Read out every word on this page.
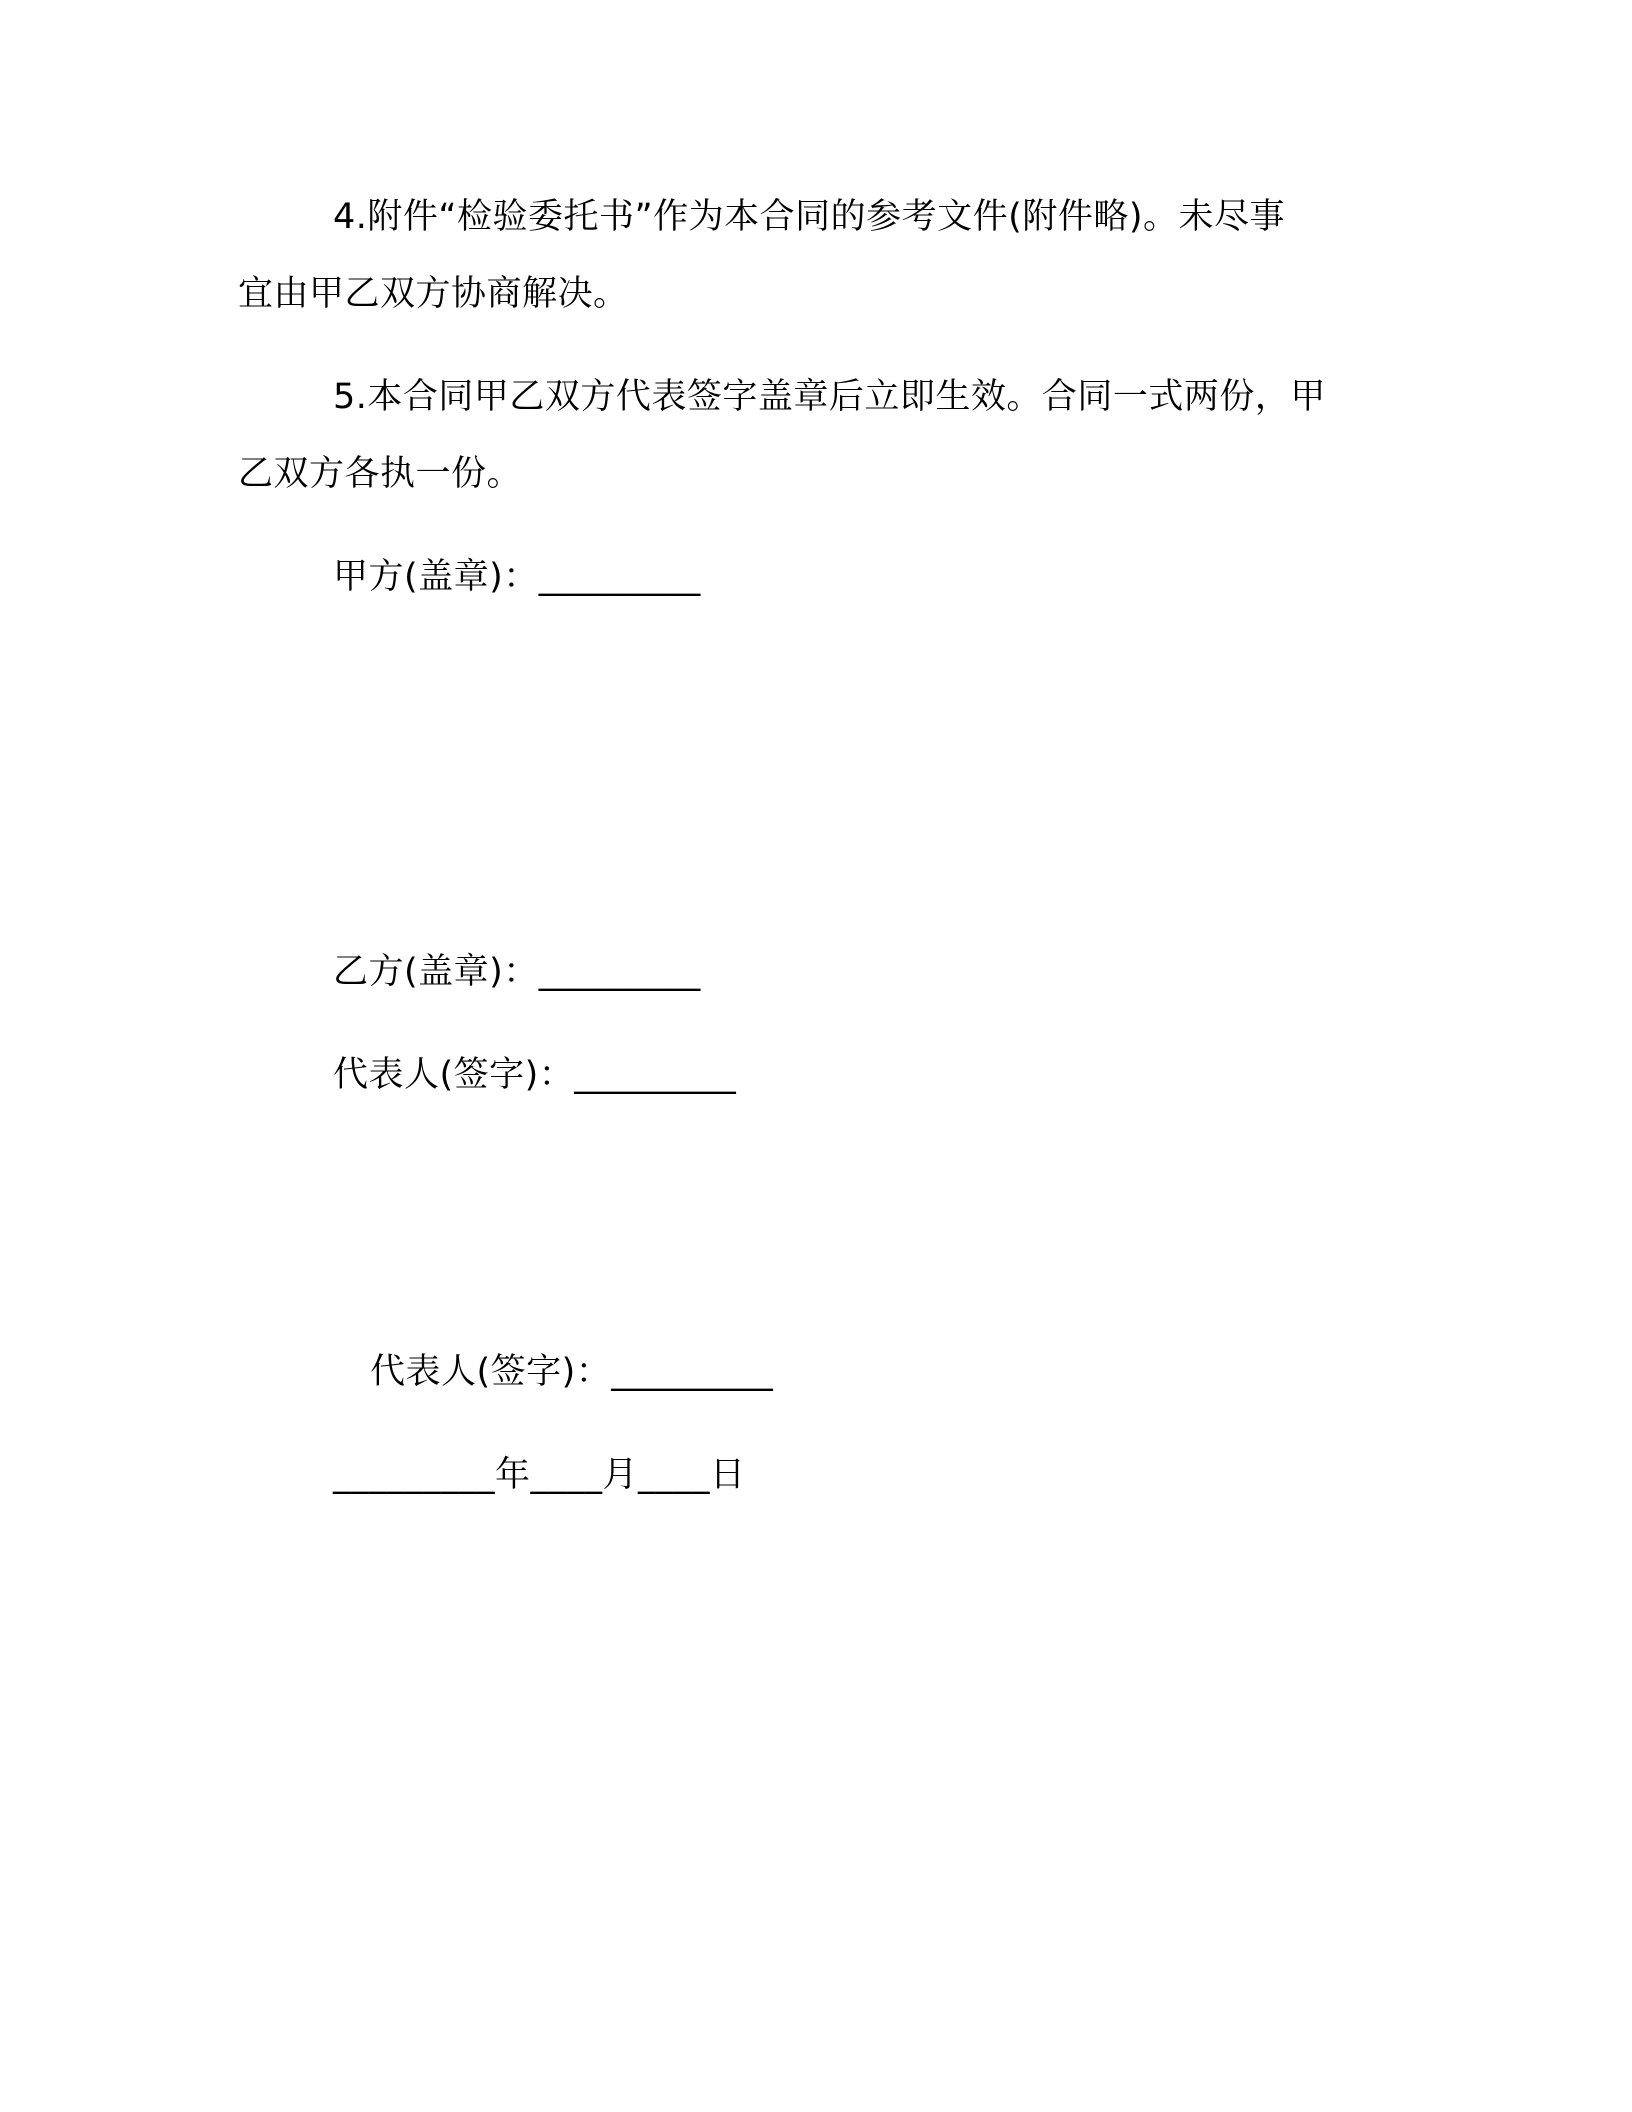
4.附件“检验委托书”作为本合同的参考文件(附件略)。未尽事
宜由甲乙双方协商解决。
5.本合同甲乙双方代表签字盖章后立即生效。合同一式两份，甲
乙双方各执一份。
甲方(盖章)：_________
乙方(盖章)：_________
代表人(签字)：_________
代表人(签字)：_________
_________年____月____日
